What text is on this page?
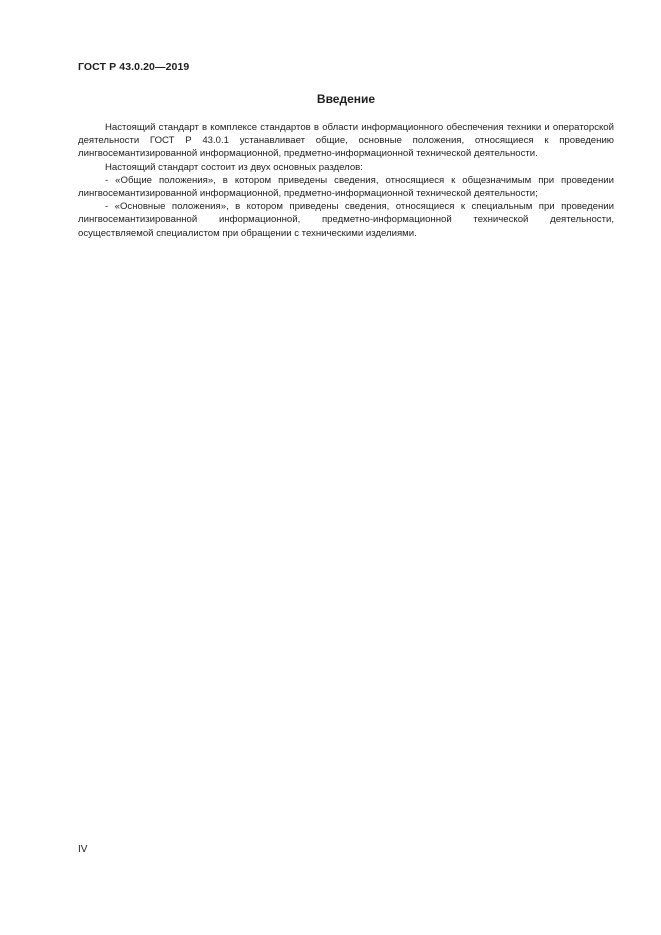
ГОСТ Р 43.0.20—2019
Введение

Настоящий стандарт в комплексе стандартов в области информационного обеспечения техники и операторской деятельности ГОСТ Р 43.0.1 устанавливает общие, основные положения, относящиеся к проведению лингвосемантизированной информационной, предметно-информационной технической деятельности.

Настоящий стандарт состоит из двух основных разделов:

- «Общие положения», в котором приведены сведения, относящиеся к общезначимым при проведении лингвосемантизированной информационной, предметно-информационной технической деятельности;

- «Основные положения», в котором приведены сведения, относящиеся к специальным при проведении лингвосемантизированной информационной, предметно-информационной технической деятельности, осуществляемой специалистом при обращении с техническими изделиями.

IV
